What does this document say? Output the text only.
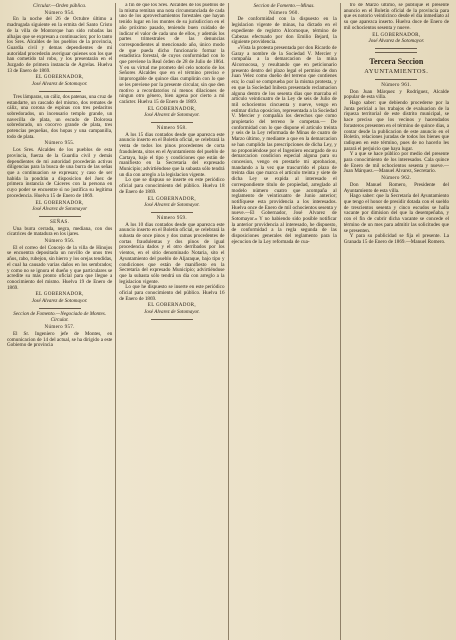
Circular.—Orden pública.

Número 954.

En la noche del 26 de Octubre último a madrugada siguiente en la ermita del Santo Cristo de la villa de Montorque han sido robadas las alhajas que se expresan a continuacion; por lo tanto los Sres. Alcaldes de los pueblos de la provincia, Guardia civil y demas dependientes de mi autoridad procederán averiguar quienes son los que han cometido tal robo, y los presentarán en el Juzgado de primera instancia de Agrelas. Huelva 13 de Enero de 1869.

EL GOBERNADOR,

José Alvarez de Sotomayor.

Tres lámparas, un cáliz, dos patenas, una cruz de estandarte, un cascado del mismo, dos remates de cáliz, una corona de espinas con tres pedacitos sobredorados, un incensario templo grande, un navecilla de plata, un escudo de Dolorosa sobredorado, un cocorvo grande de plata, tres potencias pequeñas, dos hopas y una campanilla, todo de plata.

Número 955.

Los Sres. Alcaldes de los pueblos de esta provincia, fuerza de la Guardia civil y demás dependientes de mi autoridad procederán activas diligencias para la busca de una burra de las señas que a continuacion se expresan; y caso de ser habida la pondrán a disposicion del Juez de primera instancia de Cáceres con la persona en cuyo poder se encuentre si no justifica su legítima procedencia. Huelva 15 de Enero de 1869.

EL GOBERNADOR,

José Alvarez de Sotomayor

SEÑAS.

Una burra cerrada, negra, mediana, con dos cicatrices de matadura en los ijares.

Número 956.

El el correo del Concejo de la villa de Hinojos se encuentra depositada un novillo de unos tres años, rabo, rubejon, sin hierro y los orejas tendidas, el cual ha causado varias daños en los sembrados; y como no se ignora el dueño y que particulares se acredite su más pronto oficial para que llegue a conocimiento del mismo. Huelva 19 de Enero de 1869.

EL GOBERNADOR,

José Alvarez de Sotomayor.

Seccion de Fomento.—Negociado de Montes.

Circular.

Número 957.

El Sr. Ingeniero jefe de Montes, en comunicacion de 14 del actual, se ha dirigido a este Gobierno de provincia

a fin de que los Sres. Alcaldes de los pueblos de la misma remitan una nota circunstanciada de cada uno de los aprovechamientos forestales que hayan tenido lugar en los montes de su jurisdiccion en el año próximo pasado, teniendo buen cuidado de indicar el valor de cada uno de ellos, y además los partes trimestrales de las denuncias correspondientes al mencionado año, único modo de que pueda dicho funcionario formar la estadística forestal, de cuyos conformidad con lo que previene la Real órden de 28 de Julio de 1864. Y en su virtud me prometo del celo notorio de los Señores Alcaldes que en el término preciso e improrogable de quince dias cumplirán con lo que se les previene por la presente circular, sin que den motivo a recordatorios ni menos dilaciones de ningun otro género, bien agena por cierto a mi carácter. Huelva 15 de Enero de 1869.

EL GOBERNADOR,

José Alvarez de Sotomayor.

Número 958.

A los 15 dias contados desde que aparezca este anuncio inserto en el Boletín oficial, se celebrará la venta de todos los pinos procedentes de corta fraudulenta, sitos en el Ayuntamiento del pueblo de Cartaya, bajo el tipo y condiciones que están de manifiesto en la Secretaría del expresado Municipio; advirtiéndose que la subasta sólo tendrá un dia con arreglo a la legislacion vigente.

Lo que se dispuso se inserte en este periódico oficial para conocimiento del público. Huelva 18 de Enero de 1869.

EL GOBERNADOR,

José Alvarez de Sotomayor.

Número 959.

A los 10 dias contados desde que aparezca este anuncio inserto en el Boletín oficial, se celebrará la subasta de once pinos y dos ramas procedentes de cortas fraudulentas y dos pinos de igual procedencia dados y el otro derribados por los vientos, en el sitio denominado Notaria, sito el Ayuntamiento del pueblo de Aljaraque, bajo tipo y condiciones que están de manifiesto en la Secretaría del expresado Municipio; advirtiéndose que la subasta sólo tendrá un dia con arreglo a la legislacion vigente.

Lo que he dispuesto se inserte en este periódico oficial para conocimiento del público. Huelva 16 de Enero de 1869.

EL GOBERNADOR,

José Alvarez de Sotomayor.

Seccion de Fomento.—Minas.

Número 960.

De conformidad con la dispuesto en la legislacion vigente de minas, ha dictado en el expediente de registro Alcornoque, término de Cabezas efectuado por don Emilio Bejard, la siguiente providencia.

«Vista la protesta presentada por don Ricardo de Garay a nombre de la Sociedad V. Mercier y compañía a la demarcacion de la mina Alcornocosa, y resultando que en peticionario presento dentro del plazo legal el permiso de don Juan Velez como dueño del terreno que contienes era; lo cual se comprueba por la misma protesta, y en que la Sociedad Inibera presentado reclamacion alguna dentro de los sesenta dias que marcaba el artículo veinticuatro de la Ley de seis de Julio de mil ochocientos cincuenta y nueve, vengo en estimar dicha oposicion, representada a la Sociedad V. Mercier y compañía los derechos que como propietario del terreno le competan.— De conformidad con lo que dispone el artículo treinta y seis de la Ley reformada de Minas de cuatro de Marzo último, y mediante a que en la demarcacion se han cumplido las prescripciones de dicha Ley, y no proponiéndose por el Ingeniero encargado de su demarcacion condicion especial alguna para su concesion, vengo en prestarle mi aprobacion, mandando a la vez que trascurrido el plazo de treinta dias que marca el artículo treinta y siete de dicha Ley se expida al interesado el correspondiente título de propiedad, arreglado al modelo número cuatro que acompaña al reglamento de veinticuatro de Junio anterior; notifíquese esta providencia a los interesados. Huelva once de Enero de mil ochocientos sesenta y nueve.—El Gobernador, José Alvarez de Sotomayor.» Y no habiendo sido posible notificar la anterior providencia al interesado, he dispuesto, de conformidad a la regla segunda de las disposiciones generales del reglamento para la ejecucion de la Ley reformada de cua-

tro de Marzo último, se publique el presente anuncio en el Boletín oficial de la provincia para que es notorio veinticinco desde el dia inmediato al su que aparezca inserto. Huelva doce de Enero de mil ochocientos sesenta y nueve.

EL GOBERNADOR,

José Alvarez de Sotomayor.

Tercera Seccion
AYUNTAMIENTOS.

Número 961.

Don Juan Márquez y Rodríguez, Alcalde popular de esta villa.

Hago saber: que debiendo procederse por la Junta pericial a los trabajos de evaluacion de la riqueza territorial de este distrito municipal, se hace preciso que los vecinos y hacendados forasteros presenten en el término de quince dias, a contar desde la publicacion de este anuncio en el Boletín, relaciones juradas de todos los bienes que radiquen en este término, pues de no hacerlo les parará el perjuicio que haya lugar.

Y a que se hace público por medio del presente para conocimiento de los interesados. Cala quince de Enero de mil ochocientos sesenta y nueve.—Juan Márquez.—Manuel Alvarez, Secretario.

Número 962.

Don Manuel Romero, Presidente del Ayuntamiento de esta villa.

Hago saber: que la Secretaría del Ayuntamiento que tengo el honor de presidir dotada con el sueldo de trescientos sesenta y cinco escudos se halla vacante por dimision del que la desempeñaba, y con el fin de cubrir dicha vacante se concede el término de un mes para admitir las solicitudes que se presenten.

Y para su publicidad se fija el presente. La Granada 15 de Enero de 1869.—Manuel Romero.
